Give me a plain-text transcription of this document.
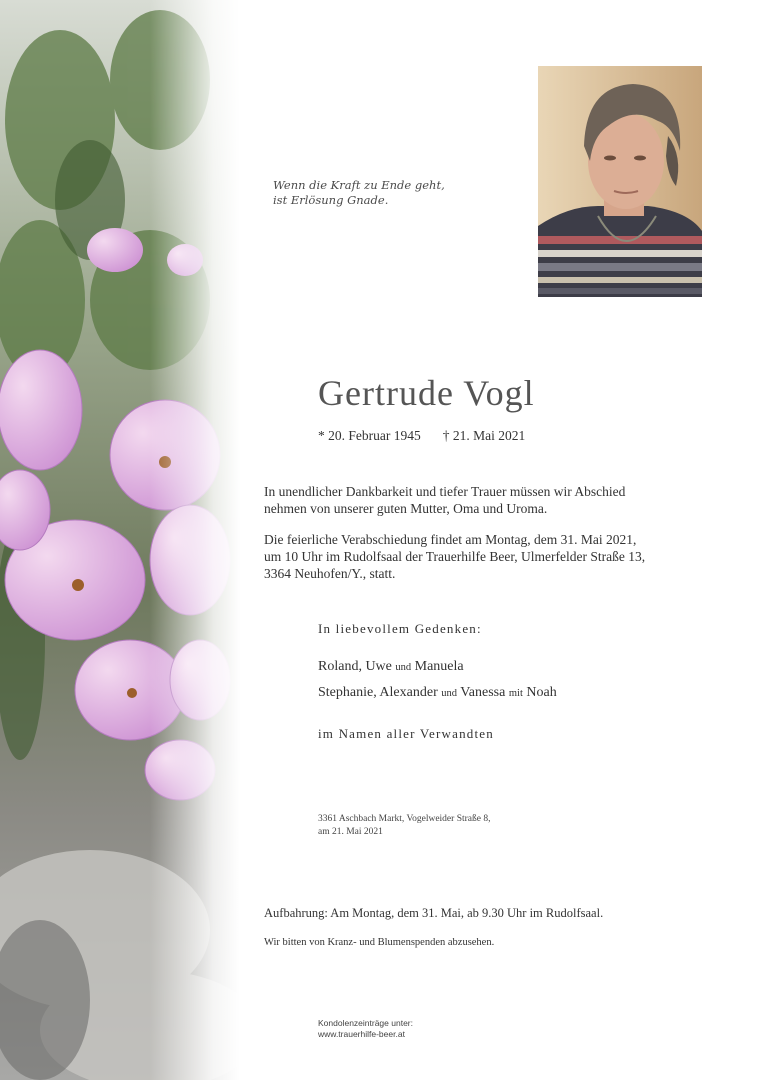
Wenn die Kraft zu Ende geht,
ist Erlösung Gnade.
Gertrude Vogl
* 20. Februar 1945 † 21. Mai 2021
In unendlicher Dankbarkeit und tiefer Trauer müssen wir Abschied
nehmen von unserer guten Mutter, Oma und Uroma.
Die feierliche Verabschiedung findet am Montag, dem 31. Mai 2021,
um 10 Uhr im Rudolfsaal der Trauerhilfe Beer, Ulmerfelder Straße 13,
3364 Neuhofen/Y., statt.
In liebevollem Gedenken:
Roland, Uwe und Manuela
Stephanie, Alexander und Vanessa mit Noah
im Namen aller Verwandten
3361 Aschbach Markt, Vogelweider Straße 8,
am 21. Mai 2021
Aufbahrung: Am Montag, dem 31. Mai, ab 9.30 Uhr im Rudolfsaal.
Wir bitten von Kranz- und Blumenspenden abzusehen.
Kondolenzeinträge unter:
www.trauerhilfe-beer.at
